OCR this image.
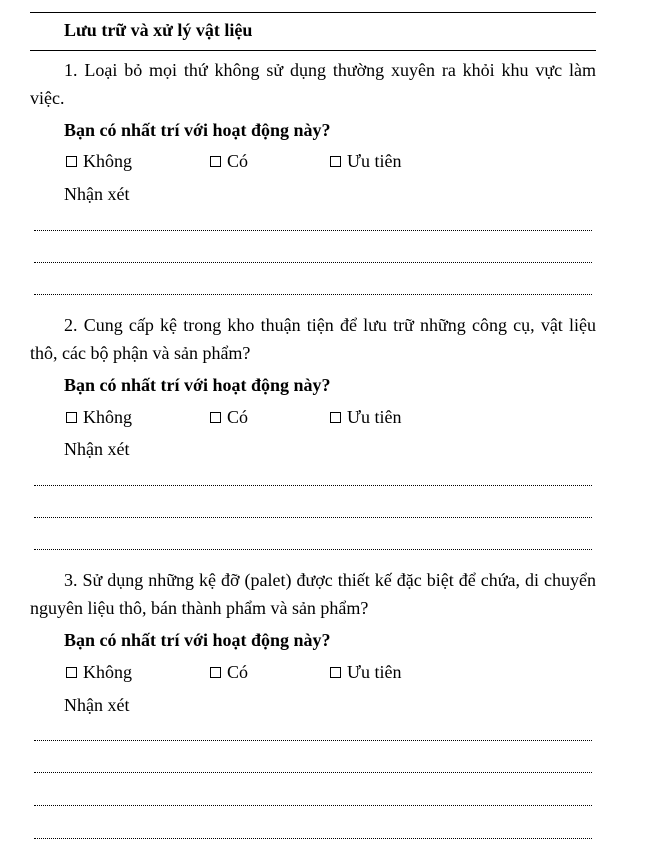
Lưu trữ và xử lý vật liệu
1. Loại bỏ mọi thứ không sử dụng thường xuyên ra khỏi khu vực làm việc.
Bạn có nhất trí với hoạt động này?
Không	Có	Ưu tiên
Nhận xét
2. Cung cấp kệ trong kho thuận tiện để lưu trữ những công cụ, vật liệu thô, các bộ phận và sản phẩm?
Bạn có nhất trí với hoạt động này?
Không	Có	Ưu tiên
Nhận xét
3. Sử dụng những kệ đỡ (palet) được thiết kế đặc biệt để chứa, di chuyển nguyên liệu thô, bán thành phẩm và sản phẩm?
Bạn có nhất trí với hoạt động này?
Không	Có	Ưu tiên
Nhận xét
